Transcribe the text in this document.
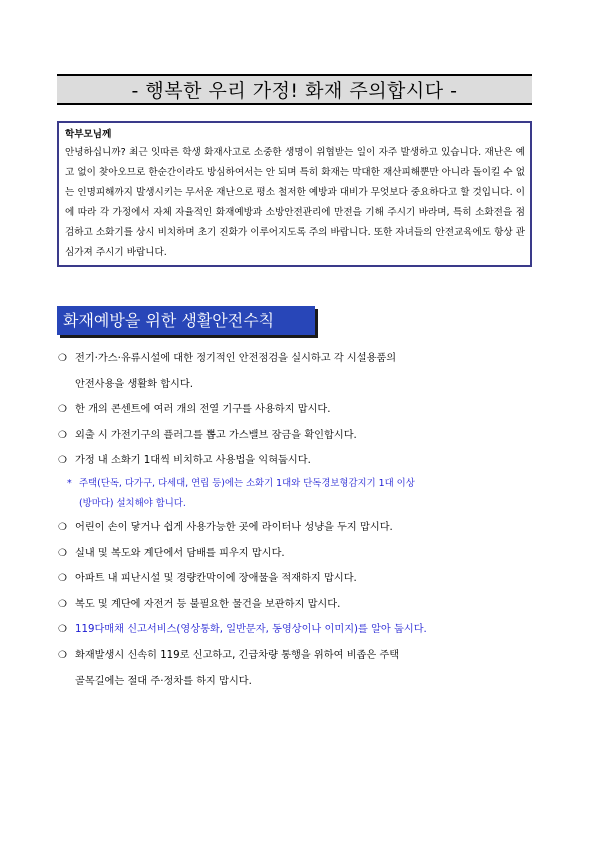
- 행복한 우리 가정! 화재 주의합시다 -
학부모님께
안녕하십니까? 최근 잇따른 학생 화재사고로 소중한 생명이 위협받는 일이 자주 발생하고 있습니다. 재난은 예고 없이 찾아오므로 한순간이라도 방심하여서는 안 되며 특히 화재는 막대한 재산피해뿐만 아니라 돌이킬 수 없는 인명피해까지 발생시키는 무서운 재난으로 평소 철저한 예방과 대비가 무엇보다 중요하다고 할 것입니다. 이에 따라 각 가정에서 자체 자율적인 화재예방과 소방안전관리에 만전을 기해 주시기 바라며, 특히 소화전을 점검하고 소화기를 상시 비치하며 초기 진화가 이루어지도록 주의 바랍니다. 또한 자녀들의 안전교육에도 항상 관심가져 주시기 바랍니다.
화재예방을 위한 생활안전수칙
❍ 전기·가스·유류시설에 대한 정기적인 안전점검을 실시하고 각 시설용품의
안전사용을 생활화 합시다.
❍ 한 개의 콘센트에 여러 개의 전열 기구를 사용하지 맙시다.
❍ 외출 시 가전기구의 플러그를 뽑고 가스밸브 잠금을 확인합시다.
❍ 가정 내 소화기 1대씩 비치하고 사용법을 익혀둡시다.
* 주택(단독, 다가구, 다세대, 연립 등)에는 소화기 1대와 단독경보형감지기 1대 이상
(방마다) 설치해야 합니다.
❍ 어린이 손이 닿거나 쉽게 사용가능한 곳에 라이터나 성냥을 두지 맙시다.
❍ 실내 및 복도와 계단에서 담배를 피우지 맙시다.
❍ 아파트 내 피난시설 및 경량칸막이에 장애물을 적재하지 맙시다.
❍ 복도 및 계단에 자전거 등 불필요한 물건을 보관하지 맙시다.
❍ 119다매채 신고서비스(영상통화, 일반문자, 동영상이나 이미지)를 알아 둡시다.
❍ 화재발생시 신속히 119로 신고하고, 긴급차량 통행을 위하여 비좁은 주택
골목길에는 절대 주·정차를 하지 맙시다.
